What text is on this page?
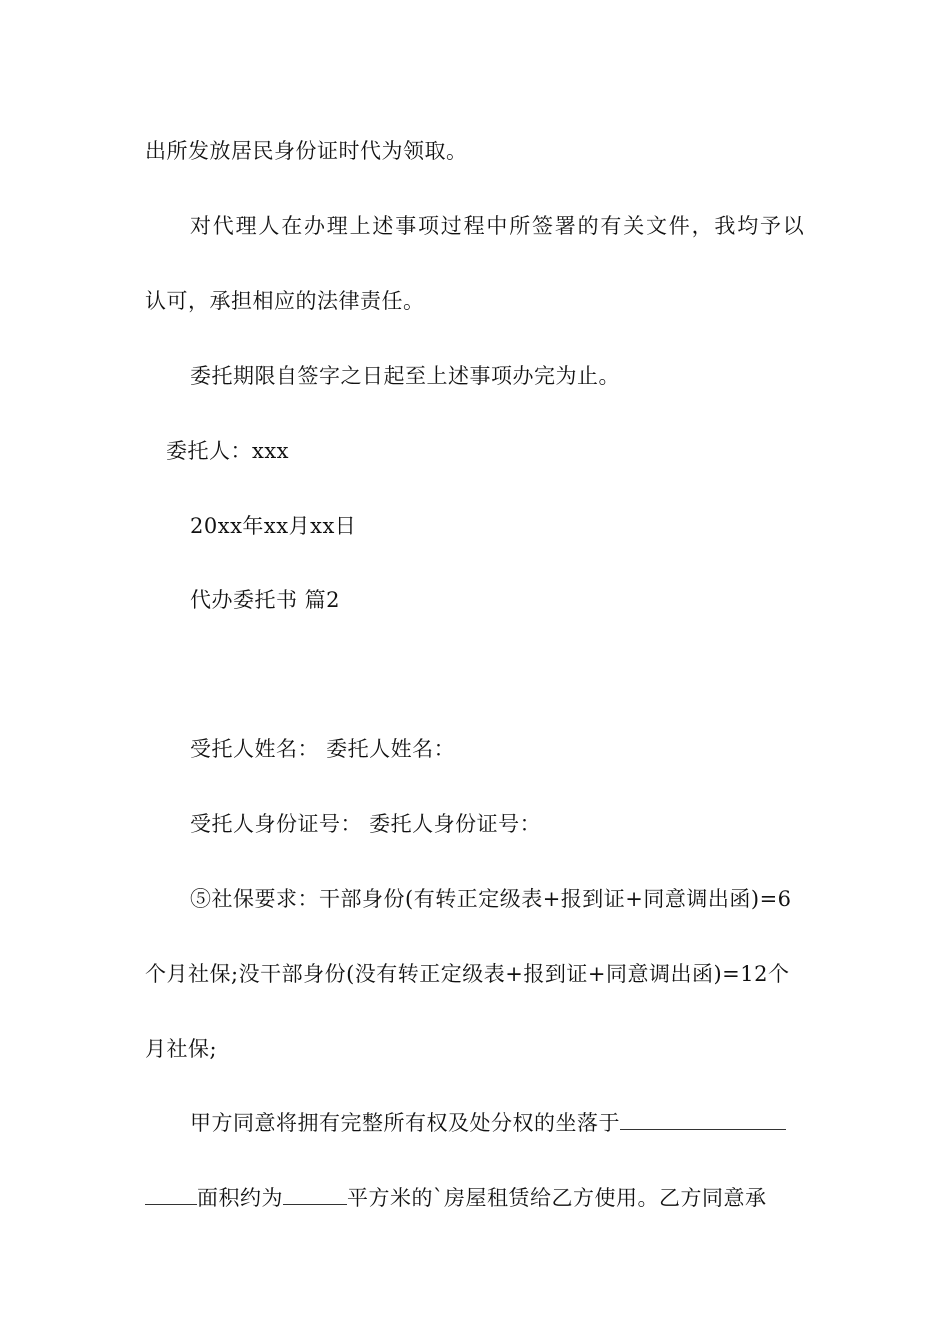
出所发放居民身份证时代为领取。
对代理人在办理上述事项过程中所签署的有关文件，我均予以
认可，承担相应的法律责任。
委托期限自签字之日起至上述事项办完为止。
委托人：xxx
20xx年xx月xx日
代办委托书 篇2
受托人姓名： 委托人姓名：
受托人身份证号： 委托人身份证号：
⑤社保要求：干部身份(有转正定级表+报到证+同意调出函)=6
个月社保;没干部身份(没有转正定级表+报到证+同意调出函)=12个
月社保;
甲方同意将拥有完整所有权及处分权的坐落于
面积约为	平方米的`房屋租赁给乙方使用。乙方同意承
